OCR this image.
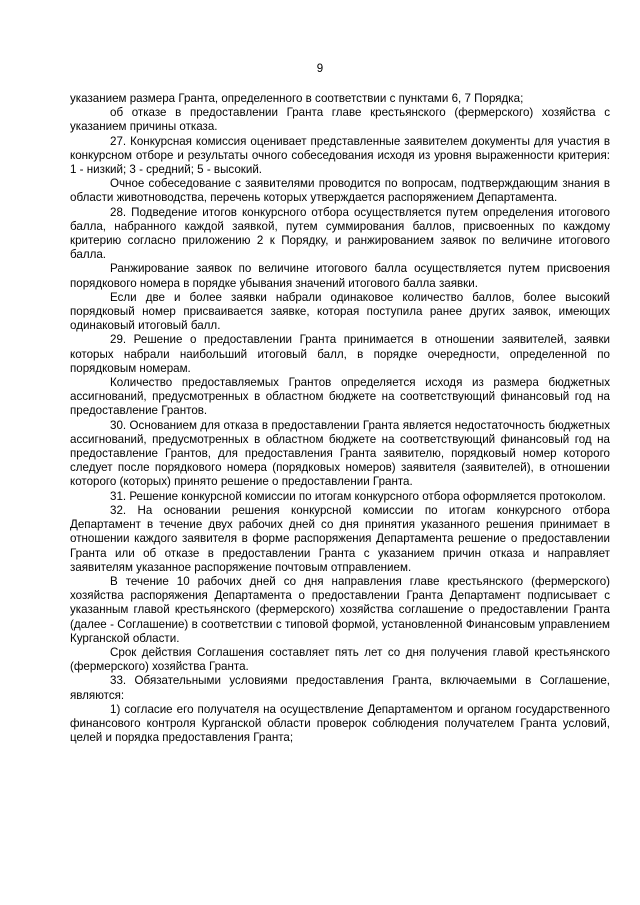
9

указанием размера Гранта, определенного в соответствии с пунктами 6, 7 Порядка;

об отказе в предоставлении Гранта главе крестьянского (фермерского) хозяйства с указанием причины отказа.

27. Конкурсная комиссия оценивает представленные заявителем документы для участия в конкурсном отборе и результаты очного собеседования исходя из уровня выраженности критерия: 1 - низкий; 3 - средний; 5 - высокий.

Очное собеседование с заявителями проводится по вопросам, подтверждающим знания в области животноводства, перечень которых утверждается распоряжением Департамента.

28. Подведение итогов конкурсного отбора осуществляется путем определения итогового балла, набранного каждой заявкой, путем суммирования баллов, присвоенных по каждому критерию согласно приложению 2 к Порядку, и ранжированием заявок по величине итогового балла.

Ранжирование заявок по величине итогового балла осуществляется путем присвоения порядкового номера в порядке убывания значений итогового балла заявки.

Если две и более заявки набрали одинаковое количество баллов, более высокий порядковый номер присваивается заявке, которая поступила ранее других заявок, имеющих одинаковый итоговый балл.

29. Решение о предоставлении Гранта принимается в отношении заявителей, заявки которых набрали наибольший итоговый балл, в порядке очередности, определенной по порядковым номерам.

Количество предоставляемых Грантов определяется исходя из размера бюджетных ассигнований, предусмотренных в областном бюджете на соответствующий финансовый год на предоставление Грантов.

30. Основанием для отказа в предоставлении Гранта является недостаточность бюджетных ассигнований, предусмотренных в областном бюджете на соответствующий финансовый год на предоставление Грантов, для предоставления Гранта заявителю, порядковый номер которого следует после порядкового номера (порядковых номеров) заявителя (заявителей), в отношении которого (которых) принято решение о предоставлении Гранта.

31. Решение конкурсной комиссии по итогам конкурсного отбора оформляется протоколом.

32. На основании решения конкурсной комиссии по итогам конкурсного отбора Департамент в течение двух рабочих дней со дня принятия указанного решения принимает в отношении каждого заявителя в форме распоряжения Департамента решение о предоставлении Гранта или об отказе в предоставлении Гранта с указанием причин отказа и направляет заявителям указанное распоряжение почтовым отправлением.

В течение 10 рабочих дней со дня направления главе крестьянского (фермерского) хозяйства распоряжения Департамента о предоставлении Гранта Департамент подписывает с указанным главой крестьянского (фермерского) хозяйства соглашение о предоставлении Гранта (далее - Соглашение) в соответствии с типовой формой, установленной Финансовым управлением Курганской области.

Срок действия Соглашения составляет пять лет со дня получения главой крестьянского (фермерского) хозяйства Гранта.

33. Обязательными условиями предоставления Гранта, включаемыми в Соглашение, являются:

1) согласие его получателя на осуществление Департаментом и органом государственного финансового контроля Курганской области проверок соблюдения получателем Гранта условий, целей и порядка предоставления Гранта;
